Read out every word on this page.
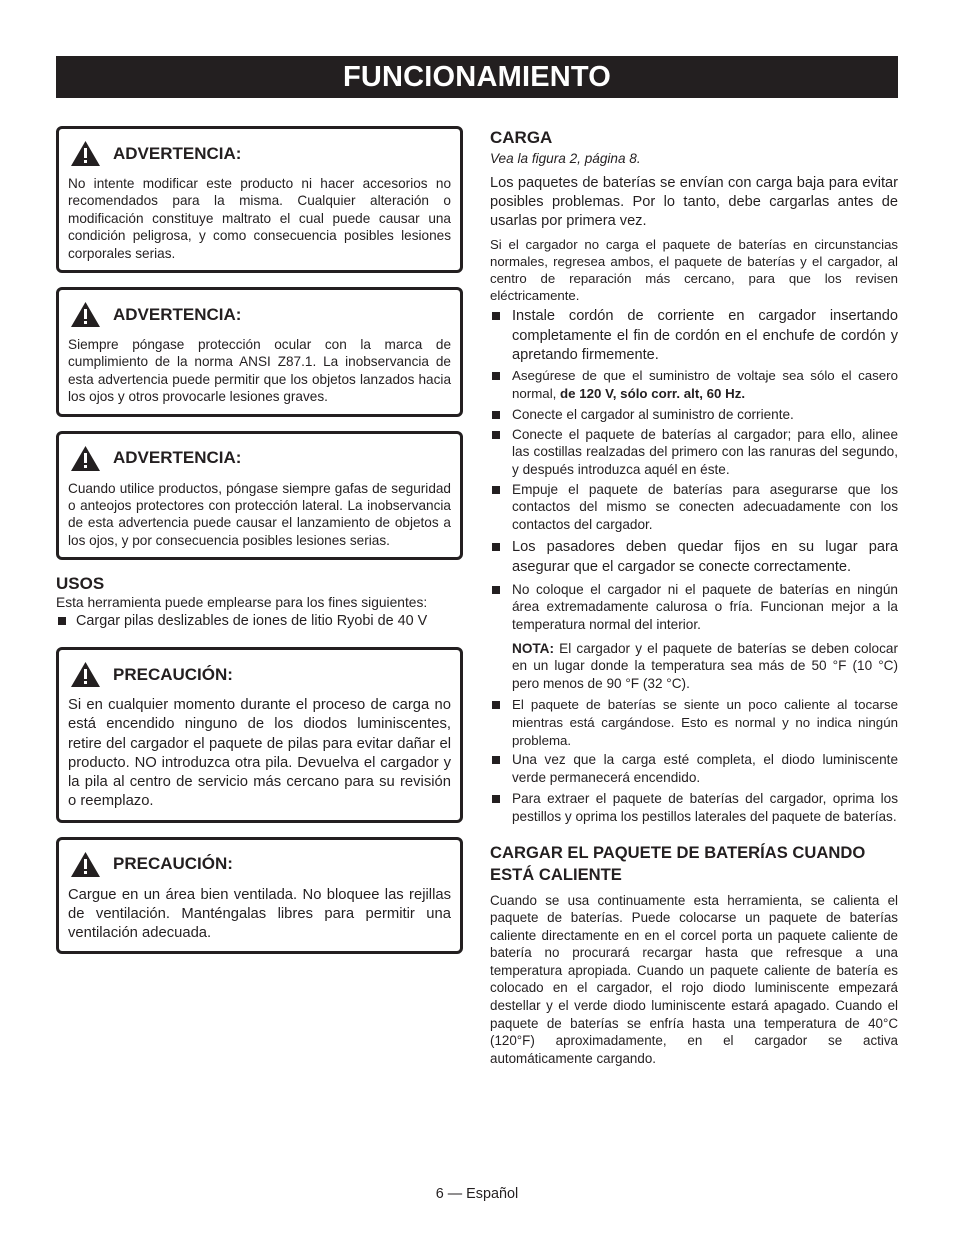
FUNCIONAMIENTO
ADVERTENCIA:
No intente modificar este producto ni hacer accesorios no recomendados para la misma. Cualquier alteración o modificación constituye maltrato el cual puede causar una condición peligrosa, y como consecuencia posibles lesiones corporales serias.
ADVERTENCIA:
Siempre póngase protección ocular con la marca de cumplimiento de la norma ANSI Z87.1. La inobservancia de esta advertencia puede permitir que los objetos lanzados hacia los ojos y otros provocarle lesiones graves.
ADVERTENCIA:
Cuando utilice productos, póngase siempre gafas de seguridad o anteojos protectores con protección lateral. La inobservancia de esta advertencia puede causar el lanzamiento de objetos a los ojos, y por consecuencia posibles lesiones serias.
USOS
Esta herramienta puede emplearse para los fines siguientes:
Cargar pilas deslizables de iones de litio Ryobi de 40 V
PRECAUCIÓN:
Si en cualquier momento durante el proceso de carga no está encendido ninguno de los diodos luminiscentes, retire del cargador el paquete de pilas para evitar dañar el producto. NO introduzca otra pila. Devuelva el cargador y la pila al centro de servicio más cercano para su revisión o reemplazo.
PRECAUCIÓN:
Cargue en un área bien ventilada. No bloquee las rejillas de ventilación. Manténgalas libres para permitir una ventilación adecuada.
CARGA
Vea la figura 2, página 8.
Los paquetes de baterías se envían con carga baja para evitar posibles problemas. Por lo tanto, debe cargarlas antes de usarlas por primera vez.
Si el cargador no carga el paquete de baterías en circunstancias normales, regresea ambos, el paquete de baterías y el cargador, al centro de reparación más cercano, para que los revisen eléctricamente.
Instale cordón de corriente en cargador insertando completamente el fin de cordón en el enchufe de cordón y apretando firmemente.
Asegúrese de que el suministro de voltaje sea sólo el casero normal, de 120 V, sólo corr. alt, 60 Hz.
Conecte el cargador al suministro de corriente.
Conecte el paquete de baterías al cargador; para ello, alinee las costillas realzadas del primero con las ranuras del segundo, y después introduzca aquél en éste.
Empuje el paquete de baterías para asegurarse que los contactos del mismo se conecten adecuadamente con los contactos del cargador.
Los pasadores deben quedar fijos en su lugar para asegurar que el cargador se conecte correctamente.
No coloque el cargador ni el paquete de baterías en ningún área extremadamente calurosa o fría. Funcionan mejor a la temperatura normal del interior.
NOTA: El cargador y el paquete de baterías se deben colocar en un lugar donde la temperatura sea más de 50 °F (10 °C) pero menos de 90 °F (32 °C).
El paquete de baterías se siente un poco caliente al tocarse mientras está cargándose. Esto es normal y no indica ningún problema.
Una vez que la carga esté completa, el diodo luminiscente verde permanecerá encendido.
Para extraer el paquete de baterías del cargador, oprima los pestillos y oprima los pestillos laterales del paquete de baterías.
CARGAR EL PAQUETE DE BATERÍAS CUANDO ESTÁ CALIENTE
Cuando se usa continuamente esta herramienta, se calienta el paquete de baterías. Puede colocarse un paquete de baterías caliente directamente en en el corcel porta un paquete caliente de batería no procurará recargar hasta que refresque a una temperatura apropiada. Cuando un paquete caliente de batería es colocado en el cargador, el rojo diodo luminiscente empezará destellar y el verde diodo luminiscente estará apagado. Cuando el paquete de baterías se enfría hasta una temperatura de 40°C (120°F) aproximadamente, en el cargador se activa automáticamente cargando.
6 — Español
